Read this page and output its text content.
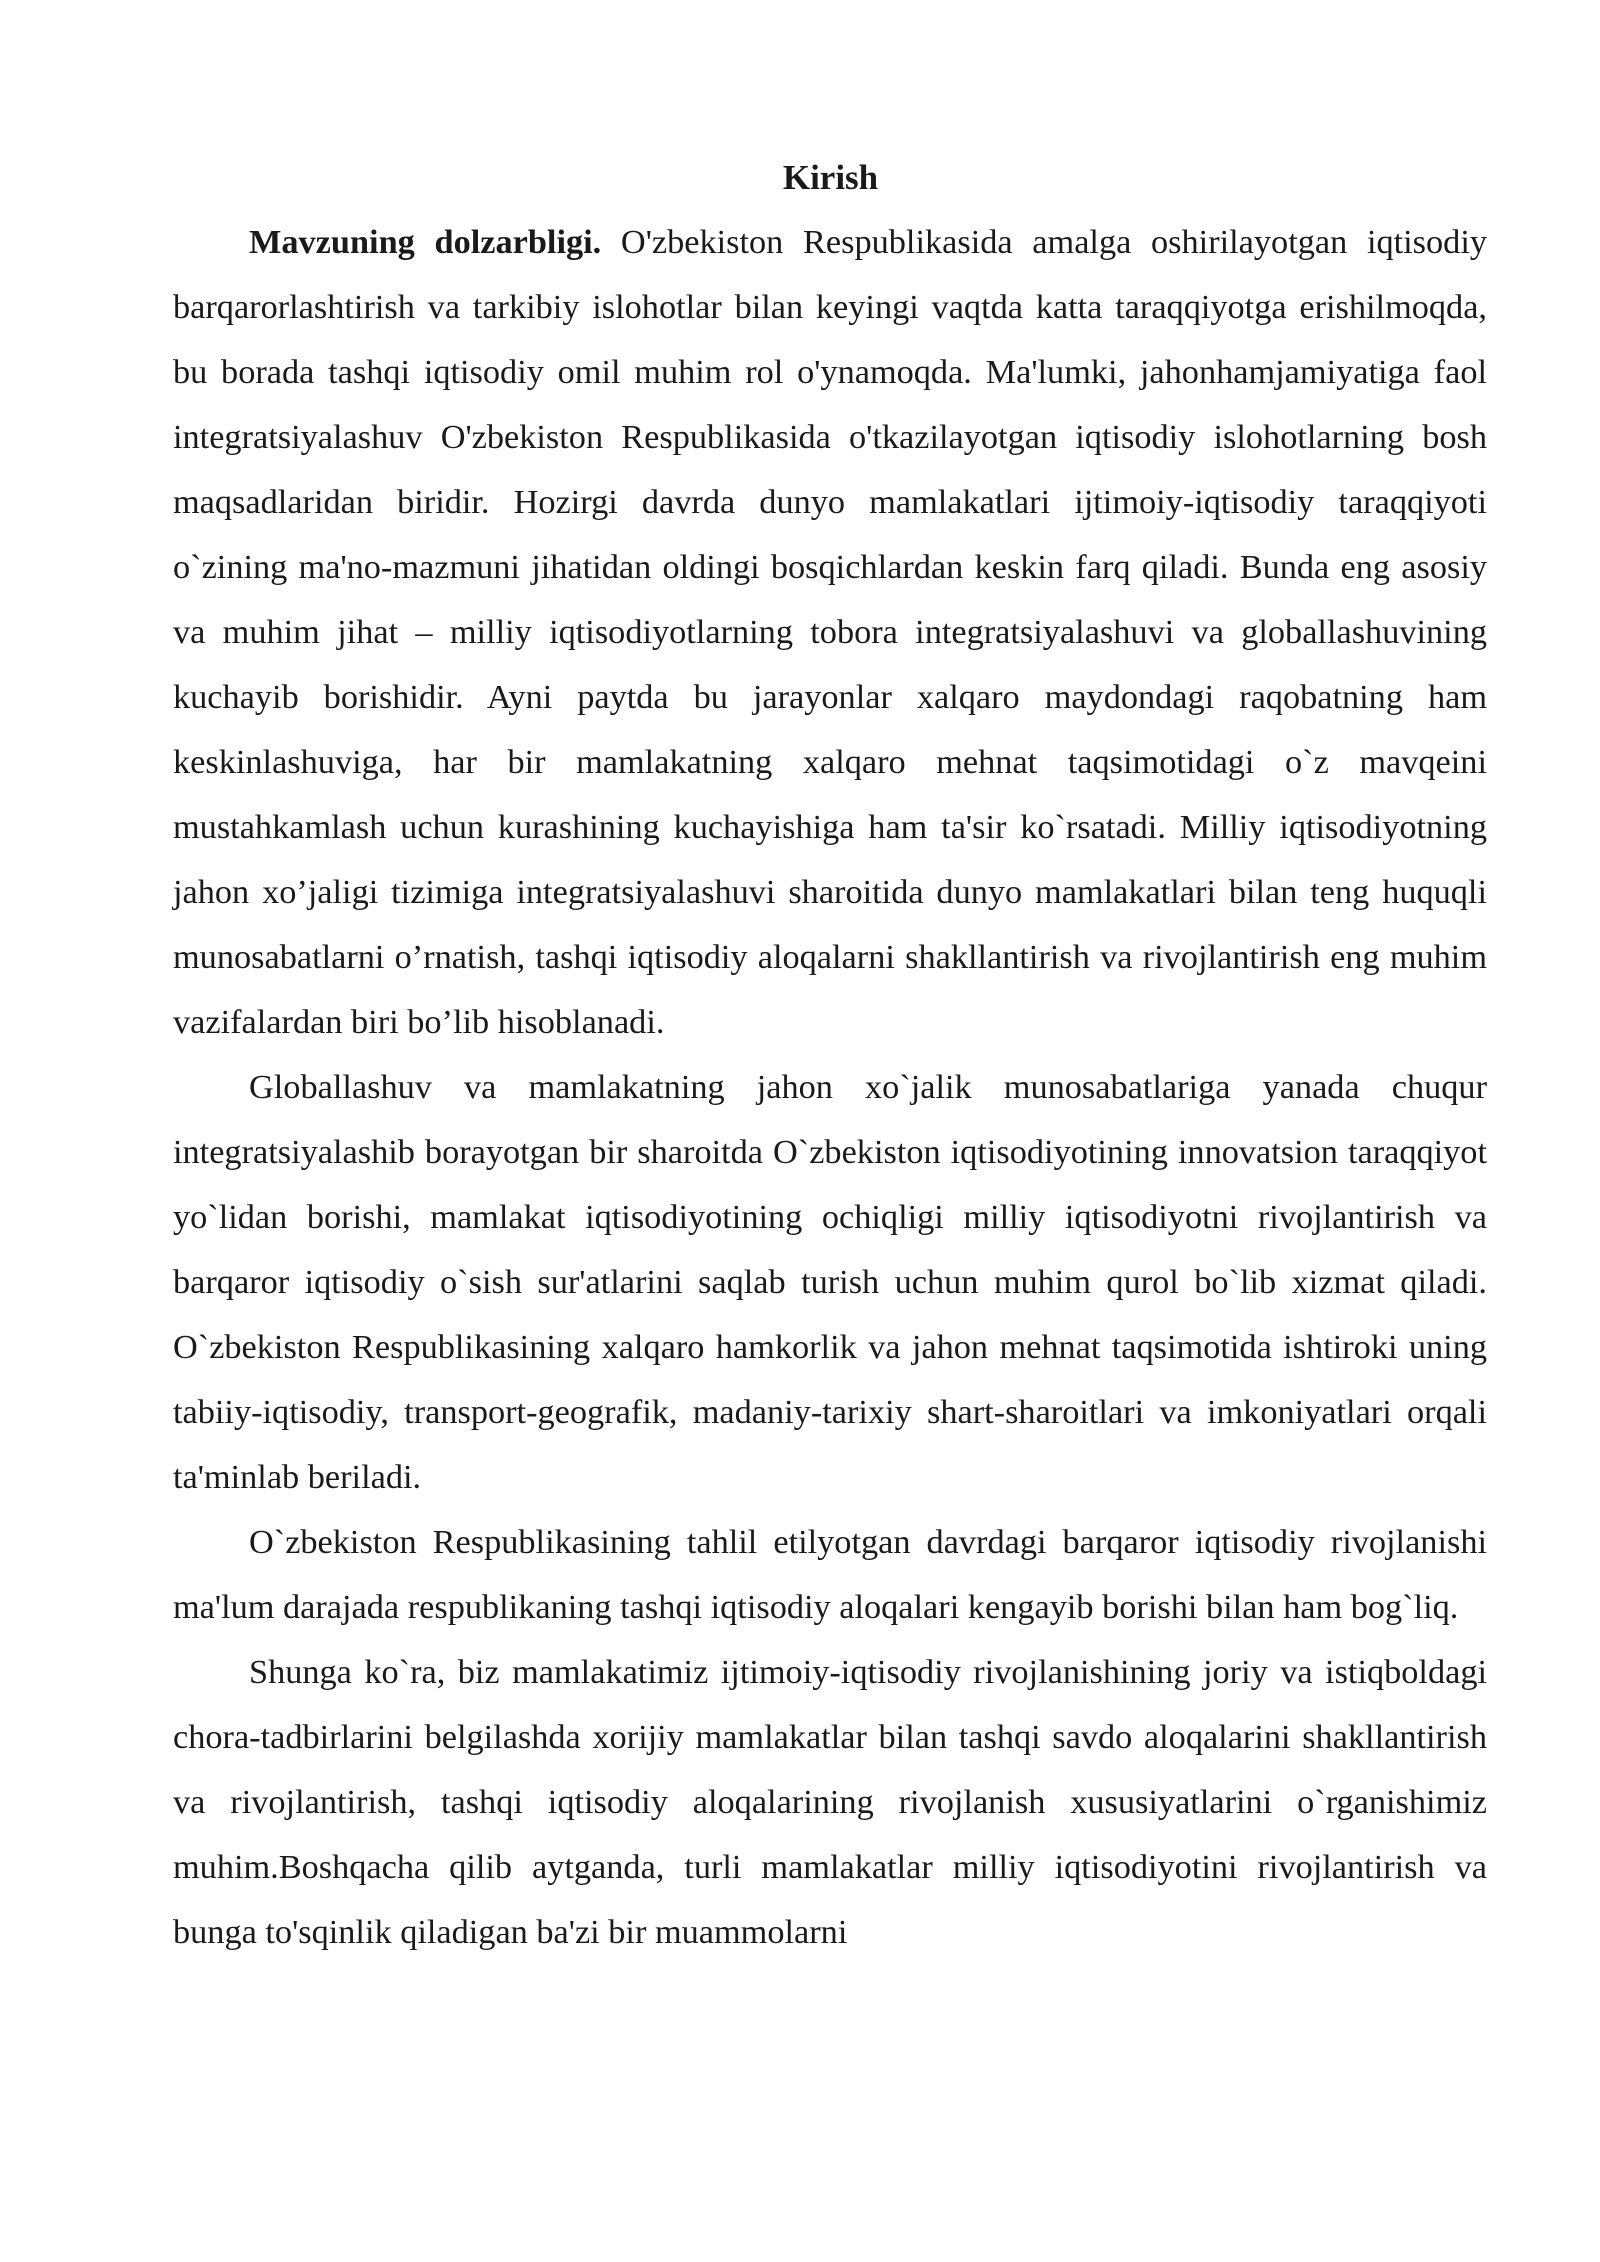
Kirish

Mavzuning dolzarbligi. O'zbekiston Respublikasida amalga oshirilayotgan iqtisodiy barqarorlashtirish va tarkibiy islohotlar bilan keyingi vaqtda katta taraqqiyotga erishilmoqda, bu borada tashqi iqtisodiy omil muhim rol o'ynamoqda. Ma'lumki, jahonhamjamiyatiga faol integratsiyalashuv O'zbekiston Respublikasida o'tkazilayotgan iqtisodiy islohotlarning bosh maqsadlaridan biridir. Hozirgi davrda dunyo mamlakatlari ijtimoiy-iqtisodiy taraqqiyoti o`zining ma'no-mazmuni jihatidan oldingi bosqichlardan keskin farq qiladi. Bunda eng asosiy va muhim jihat – milliy iqtisodiyotlarning tobora integratsiyalashuvi va globallashuvining kuchayib borishidir. Ayni paytda bu jarayonlar xalqaro maydondagi raqobatning ham keskinlashuviga, har bir mamlakatning xalqaro mehnat taqsimotidagi o`z mavqeini mustahkamlash uchun kurashining kuchayishiga ham ta'sir ko`rsatadi. Milliy iqtisodiyotning jahon xo’jaligi tizimiga integratsiyalashuvi sharoitida dunyo mamlakatlari bilan teng huquqli munosabatlarni o’rnatish, tashqi iqtisodiy aloqalarni shakllantirish va rivojlantirish eng muhim vazifalardan biri bo’lib hisoblanadi.

Globallashuv va mamlakatning jahon xo`jalik munosabatlariga yanada chuqur integratsiyalashib borayotgan bir sharoitda O`zbekiston iqtisodiyotining innovatsion taraqqiyot yo`lidan borishi, mamlakat iqtisodiyotining ochiqligi milliy iqtisodiyotni rivojlantirish va barqaror iqtisodiy o`sish sur'atlarini saqlab turish uchun muhim qurol bo`lib xizmat qiladi. O`zbekiston Respublikasining xalqaro hamkorlik va jahon mehnat taqsimotida ishtiroki uning tabiiy-iqtisodiy, transport-geografik, madaniy-tarixiy shart-sharoitlari va imkoniyatlari orqali ta'minlab beriladi.

O`zbekiston Respublikasining tahlil etilyotgan davrdagi barqaror iqtisodiy rivojlanishi ma'lum darajada respublikaning tashqi iqtisodiy aloqalari kengayib borishi bilan ham bog`liq.

Shunga ko`ra, biz mamlakatimiz ijtimoiy-iqtisodiy rivojlanishining joriy va istiqboldagi chora-tadbirlarini belgilashda xorijiy mamlakatlar bilan tashqi savdo aloqalarini shakllantirish va rivojlantirish, tashqi iqtisodiy aloqalarining rivojlanish xususiyatlarini o`rganishimiz muhim.Boshqacha qilib aytganda, turli mamlakatlar milliy iqtisodiyotini rivojlantirish va bunga to'sqinlik qiladigan ba'zi bir muammolarni
